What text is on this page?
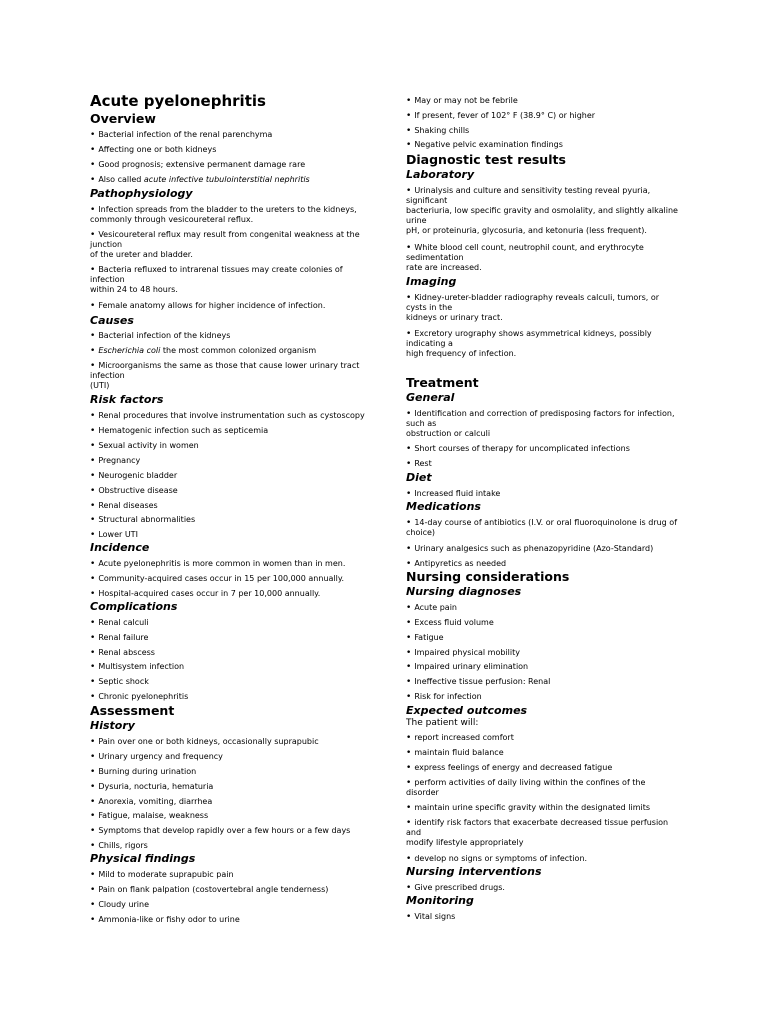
Acute pyelonephritis
Overview
• Bacterial infection of the renal parenchyma
• Affecting one or both kidneys
• Good prognosis; extensive permanent damage rare
• Also called acute infective tubulointerstitial nephritis
Pathophysiology
• Infection spreads from the bladder to the ureters to the kidneys,
commonly through vesicoureteral reflux.
• Vesicoureteral reflux may result from congenital weakness at the
junction
of the ureter and bladder.
• Bacteria refluxed to intrarenal tissues may create colonies of
infection
within 24 to 48 hours.
• Female anatomy allows for higher incidence of infection.
Causes
• Bacterial infection of the kidneys
• Escherichia coli the most common colonized organism
• Microorganisms the same as those that cause lower urinary tract
infection
(UTI)
Risk factors
• Renal procedures that involve instrumentation such as cystoscopy
• Hematogenic infection such as septicemia
• Sexual activity in women
• Pregnancy
• Neurogenic bladder
• Obstructive disease
• Renal diseases
• Structural abnormalities
• Lower UTI
Incidence
• Acute pyelonephritis is more common in women than in men.
• Community-acquired cases occur in 15 per 100,000 annually.
• Hospital-acquired cases occur in 7 per 10,000 annually.
Complications
• Renal calculi
• Renal failure
• Renal abscess
• Multisystem infection
• Septic shock
• Chronic pyelonephritis
Assessment
History
• Pain over one or both kidneys, occasionally suprapubic
• Urinary urgency and frequency
• Burning during urination
• Dysuria, nocturia, hematuria
• Anorexia, vomiting, diarrhea
• Fatigue, malaise, weakness
• Symptoms that develop rapidly over a few hours or a few days
• Chills, rigors
Physical findings
• Mild to moderate suprapubic pain
• Pain on flank palpation (costovertebral angle tenderness)
• Cloudy urine
• Ammonia-like or fishy odor to urine
• May or may not be febrile
• If present, fever of 102° F (38.9° C) or higher
• Shaking chills
• Negative pelvic examination findings
Diagnostic test results
Laboratory
• Urinalysis and culture and sensitivity testing reveal pyuria,
significant
bacteriuria, low specific gravity and osmolality, and slightly alkaline
urine
pH, or proteinuria, glycosuria, and ketonuria (less frequent).
• White blood cell count, neutrophil count, and erythrocyte
sedimentation
rate are increased.
Imaging
• Kidney-ureter-bladder radiography reveals calculi, tumors, or
cysts in the
kidneys or urinary tract.
• Excretory urography shows asymmetrical kidneys, possibly
indicating a
high frequency of infection.
Treatment
General
• Identification and correction of predisposing factors for infection,
such as
obstruction or calculi
• Short courses of therapy for uncomplicated infections
• Rest
Diet
• Increased fluid intake
Medications
• 14-day course of antibiotics (I.V. or oral fluoroquinolone is drug of
choice)
• Urinary analgesics such as phenazopyridine (Azo-Standard)
• Antipyretics as needed
Nursing considerations
Nursing diagnoses
• Acute pain
• Excess fluid volume
• Fatigue
• Impaired physical mobility
• Impaired urinary elimination
• Ineffective tissue perfusion: Renal
• Risk for infection
Expected outcomes
The patient will:
• report increased comfort
• maintain fluid balance
• express feelings of energy and decreased fatigue
• perform activities of daily living within the confines of the
disorder
• maintain urine specific gravity within the designated limits
• identify risk factors that exacerbate decreased tissue perfusion
and
modify lifestyle appropriately
• develop no signs or symptoms of infection.
Nursing interventions
• Give prescribed drugs.
Monitoring
• Vital signs
